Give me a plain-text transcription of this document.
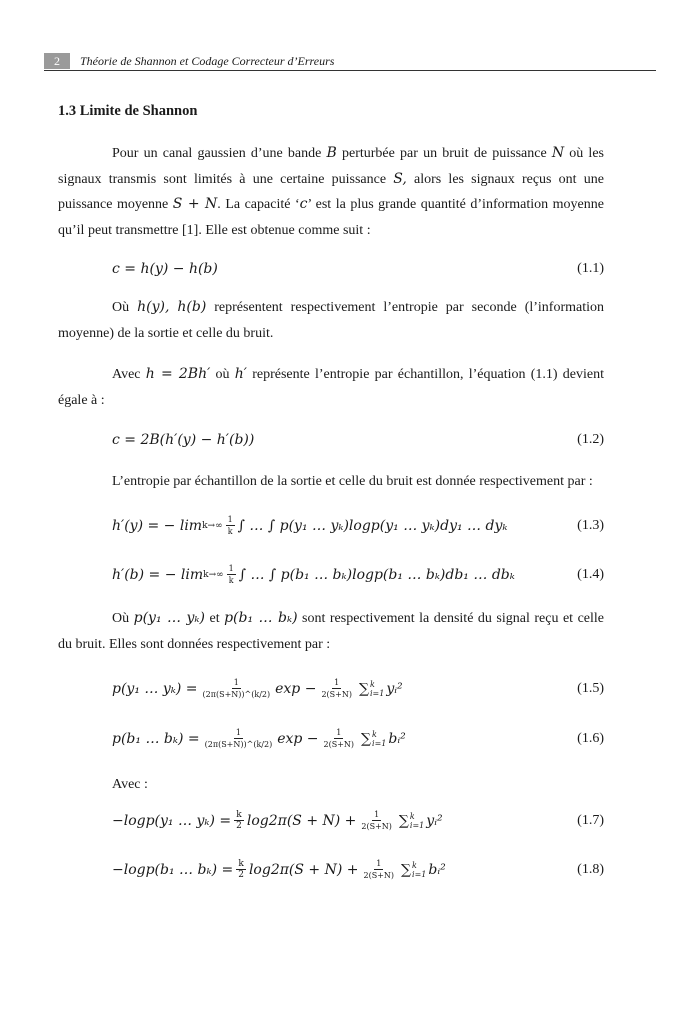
2	Théorie de Shannon et Codage Correcteur d’Erreurs
1.3 Limite de Shannon

Pour un canal gaussien d’une bande B perturbée par un bruit de puissance N où les signaux transmis sont limités à une certaine puissance S, alors les signaux reçus ont une puissance moyenne S + N. La capacité ‘c’ est la plus grande quantité d’information moyenne qu’il peut transmettre [1]. Elle est obtenue comme suit :

c = h(y) − h(b)	(1.1)

Où h(y), h(b) représentent respectivement l’entropie par seconde (l’information moyenne) de la sortie et celle du bruit.

Avec h = 2Bh′ où h′ représente l’entropie par échantillon, l’équation (1.1) devient égale à :

c = 2B(h′(y) − h′(b))	(1.2)

L’entropie par échantillon de la sortie et celle du bruit est donnée respectivement par :

h′(y) = − $\lim k\to\infty \frac{1}{k}$ ∫ … ∫ p(y₁ … yₖ)logp(y₁ … yₖ)dy₁ … dyₖ	(1.3)
h′(b) = − $\lim k\to\infty \frac{1}{k}$ ∫ … ∫ p(b₁ … bₖ)logp(b₁ … bₖ)db₁ … dbₖ	(1.4)

Où p(y₁ … yₖ) et p(b₁ … bₖ) sont respectivement la densité du signal reçu et celle du bruit. Elles sont données respectivement par :

p(y₁ … $y_k) = \frac{1}{(2\pi(S+N))\^{}(k/2)}$ $\exp - \frac{1}{2(S+N)}$ ∑ k
i=1 yᵢ²	(1.5)
p(b₁ … $b_k) = \frac{1}{(2\pi(S+N))\^{}(k/2)}$ $\exp - \frac{1}{2(S+N)}$ ∑ k
i=1 bᵢ²	(1.6)

Avec :

−logp(y₁ … $y_k) = \frac{k}{2} \log 2\pi(S + N) + \frac{1}{2(S+N)}$ ∑ k
i=1 yᵢ²	(1.7)
−logp(b₁ … $b_k) = \frac{k}{2} \log 2\pi(S + N) + \frac{1}{2(S+N)}$ ∑ k
i=1 bᵢ²	(1.8)
